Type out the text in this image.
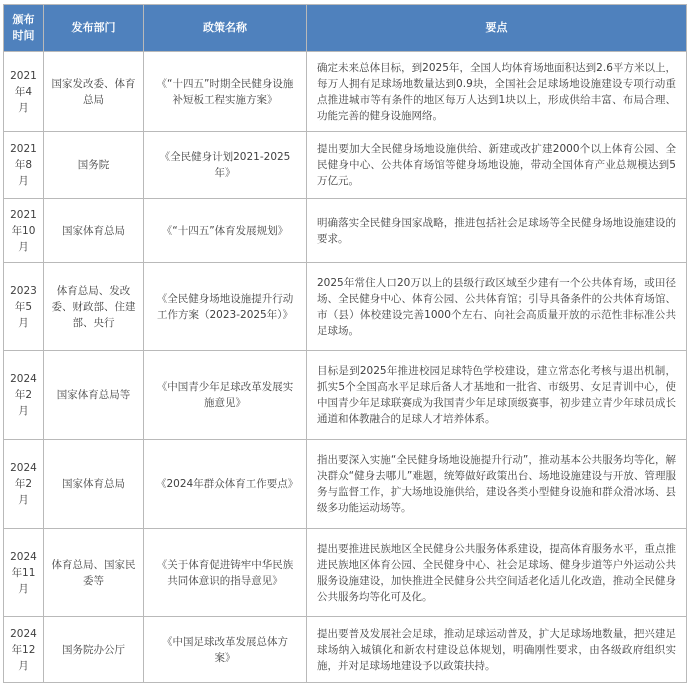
颁布时间	发布部门	政策名称	要点
2021年4月	国家发改委、体育总局	《“十四五”时期全民健身设施补短板工程实施方案》	确定未来总体目标，到2025年，全国人均体育场地面积达到2.6平方米以上，每万人拥有足球场地数量达到0.9块，全国社会足球场地设施建设专项行动重点推进城市等有条件的地区每万人达到1块以上，形成供给丰富、布局合理、功能完善的健身设施网络。
2021年8月	国务院	《全民健身计划2021-2025年》	提出要加大全民健身场地设施供给、新建或改扩建2000个以上体育公园、全民健身中心、公共体育场馆等健身场地设施，带动全国体育产业总规模达到5万亿元。
2021年10月	国家体育总局	《“十四五”体育发展规划》	明确落实全民健身国家战略，推进包括社会足球场等全民健身场地设施建设的要求。
2023年5月	体育总局、发改委、财政部、住建部、央行	《全民健身场地设施提升行动工作方案（2023-2025年）》	2025年常住人口20万以上的县级行政区域至少建有一个公共体育场，或田径场、全民健身中心、体育公园、公共体育馆；引导具备条件的公共体育场馆、市（县）体校建设完善1000个左右、向社会高质量开放的示范性非标准公共足球场。
2024年2月	国家体育总局等	《中国青少年足球改革发展实施意见》	目标是到2025年推进校园足球特色学校建设，建立常态化考核与退出机制，抓实5个全国高水平足球后备人才基地和一批省、市级男、女足青训中心，使中国青少年足球联赛成为我国青少年足球顶级赛事，初步建立青少年球员成长通道和体教融合的足球人才培养体系。
2024年2月	国家体育总局	《2024年群众体育工作要点》	指出要深入实施“全民健身场地设施提升行动”，推动基本公共服务均等化，解决群众“健身去哪儿”难题，统筹做好政策出台、场地设施建设与开放、管理服务与监督工作，扩大场地设施供给，建设各类小型健身设施和群众滑冰场、县级多功能运动场等。
2024年11月	体育总局、国家民委等	《关于体育促进铸牢中华民族共同体意识的指导意见》	提出要推进民族地区全民健身公共服务体系建设，提高体育服务水平，重点推进民族地区体育公园、全民健身中心、社会足球场、健身步道等户外运动公共服务设施建设，加快推进全民健身公共空间适老化适儿化改造，推动全民健身公共服务均等化可及化。
2024年12月	国务院办公厅	《中国足球改革发展总体方案》	提出要普及发展社会足球，推动足球运动普及，扩大足球场地数量，把兴建足球场纳入城镇化和新农村建设总体规划，明确刚性要求，由各级政府组织实施，并对足球场地建设予以政策扶持。
